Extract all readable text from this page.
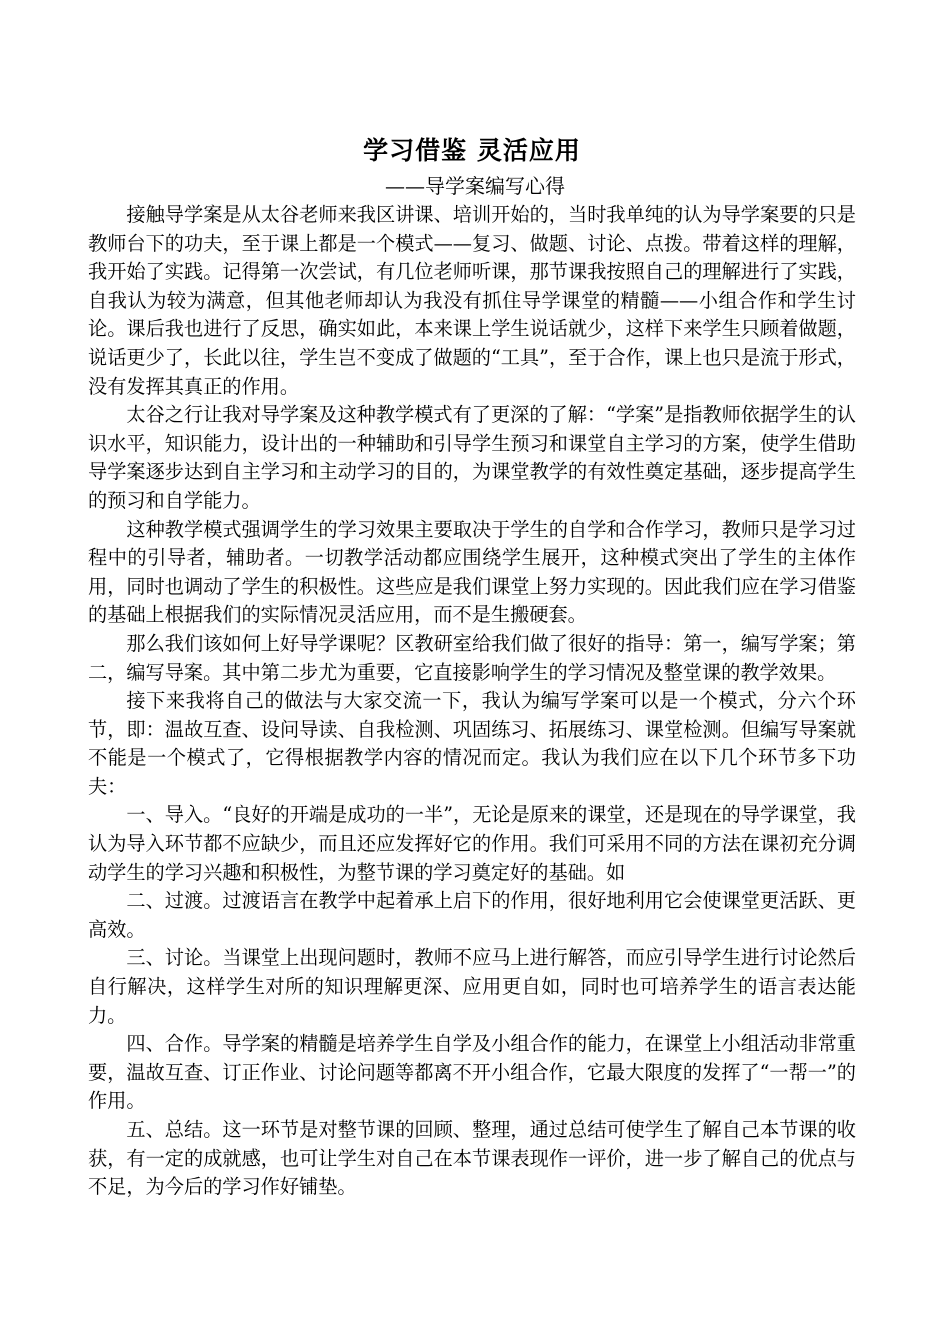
学习借鉴 灵活应用
——导学案编写心得

接触导学案是从太谷老师来我区讲课、培训开始的，当时我单纯的认为导学案要的只是教师台下的功夫，至于课上都是一个模式——复习、做题、讨论、点拨。带着这样的理解，我开始了实践。记得第一次尝试，有几位老师听课，那节课我按照自己的理解进行了实践，自我认为较为满意，但其他老师却认为我没有抓住导学课堂的精髓——小组合作和学生讨论。课后我也进行了反思，确实如此，本来课上学生说话就少，这样下来学生只顾着做题，说话更少了，长此以往，学生岂不变成了做题的“工具”，至于合作，课上也只是流于形式，没有发挥其真正的作用。

太谷之行让我对导学案及这种教学模式有了更深的了解：“学案”是指教师依据学生的认识水平，知识能力，设计出的一种辅助和引导学生预习和课堂自主学习的方案，使学生借助导学案逐步达到自主学习和主动学习的目的，为课堂教学的有效性奠定基础，逐步提高学生的预习和自学能力。

这种教学模式强调学生的学习效果主要取决于学生的自学和合作学习，教师只是学习过程中的引导者，辅助者。一切教学活动都应围绕学生展开，这种模式突出了学生的主体作用，同时也调动了学生的积极性。这些应是我们课堂上努力实现的。因此我们应在学习借鉴的基础上根据我们的实际情况灵活应用，而不是生搬硬套。

那么我们该如何上好导学课呢？区教研室给我们做了很好的指导：第一，编写学案；第二，编写导案。其中第二步尤为重要，它直接影响学生的学习情况及整堂课的教学效果。

接下来我将自己的做法与大家交流一下，我认为编写学案可以是一个模式，分六个环节，即：温故互查、设问导读、自我检测、巩固练习、拓展练习、课堂检测。但编写导案就不能是一个模式了，它得根据教学内容的情况而定。我认为我们应在以下几个环节多下功夫：

一、导入。“良好的开端是成功的一半”，无论是原来的课堂，还是现在的导学课堂，我认为导入环节都不应缺少，而且还应发挥好它的作用。我们可采用不同的方法在课初充分调动学生的学习兴趣和积极性，为整节课的学习奠定好的基础。如

二、过渡。过渡语言在教学中起着承上启下的作用，很好地利用它会使课堂更活跃、更高效。

三、讨论。当课堂上出现问题时，教师不应马上进行解答，而应引导学生进行讨论然后自行解决，这样学生对所的知识理解更深、应用更自如，同时也可培养学生的语言表达能力。

四、合作。导学案的精髓是培养学生自学及小组合作的能力，在课堂上小组活动非常重要，温故互查、订正作业、讨论问题等都离不开小组合作，它最大限度的发挥了“一帮一”的作用。

五、总结。这一环节是对整节课的回顾、整理，通过总结可使学生了解自己本节课的收获，有一定的成就感，也可让学生对自己在本节课表现作一评价，进一步了解自己的优点与不足，为今后的学习作好铺垫。
